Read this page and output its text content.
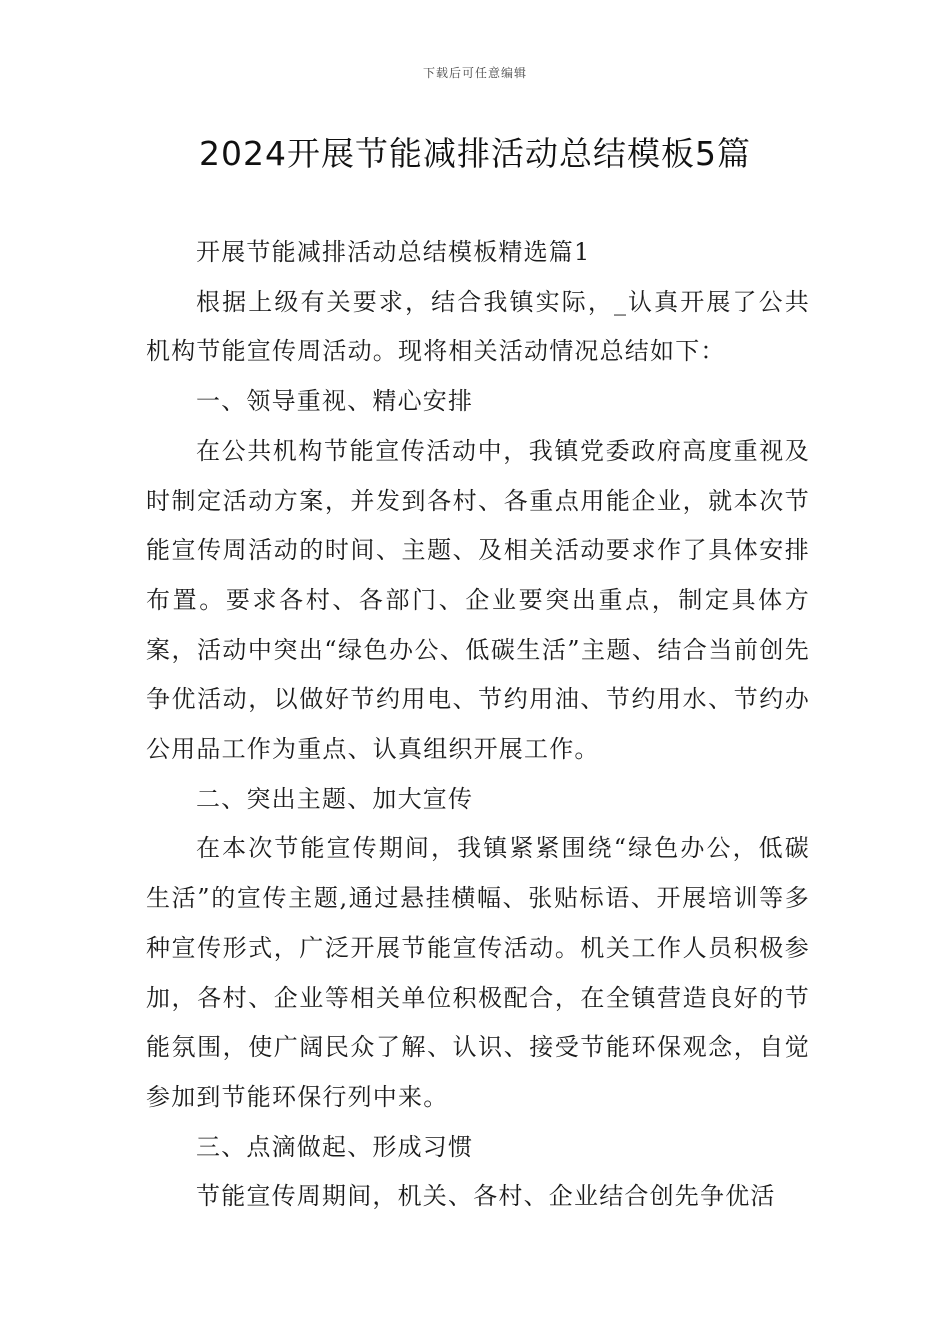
下载后可任意编辑
2024开展节能减排活动总结模板5篇

开展节能减排活动总结模板精选篇1

根据上级有关要求，结合我镇实际，_认真开展了公共机构节能宣传周活动。现将相关活动情况总结如下：

一、领导重视、精心安排

在公共机构节能宣传活动中，我镇党委政府高度重视及时制定活动方案，并发到各村、各重点用能企业，就本次节能宣传周活动的时间、主题、及相关活动要求作了具体安排布置。要求各村、各部门、企业要突出重点，制定具体方案，活动中突出“绿色办公、低碳生活”主题、结合当前创先争优活动，以做好节约用电、节约用油、节约用水、节约办公用品工作为重点、认真组织开展工作。

二、突出主题、加大宣传

在本次节能宣传期间，我镇紧紧围绕“绿色办公，低碳生活”的宣传主题,通过悬挂横幅、张贴标语、开展培训等多种宣传形式，广泛开展节能宣传活动。机关工作人员积极参加，各村、企业等相关单位积极配合，在全镇营造良好的节能氛围，使广阔民众了解、认识、接受节能环保观念，自觉参加到节能环保行列中来。

三、点滴做起、形成习惯

节能宣传周期间，机关、各村、企业结合创先争优活
